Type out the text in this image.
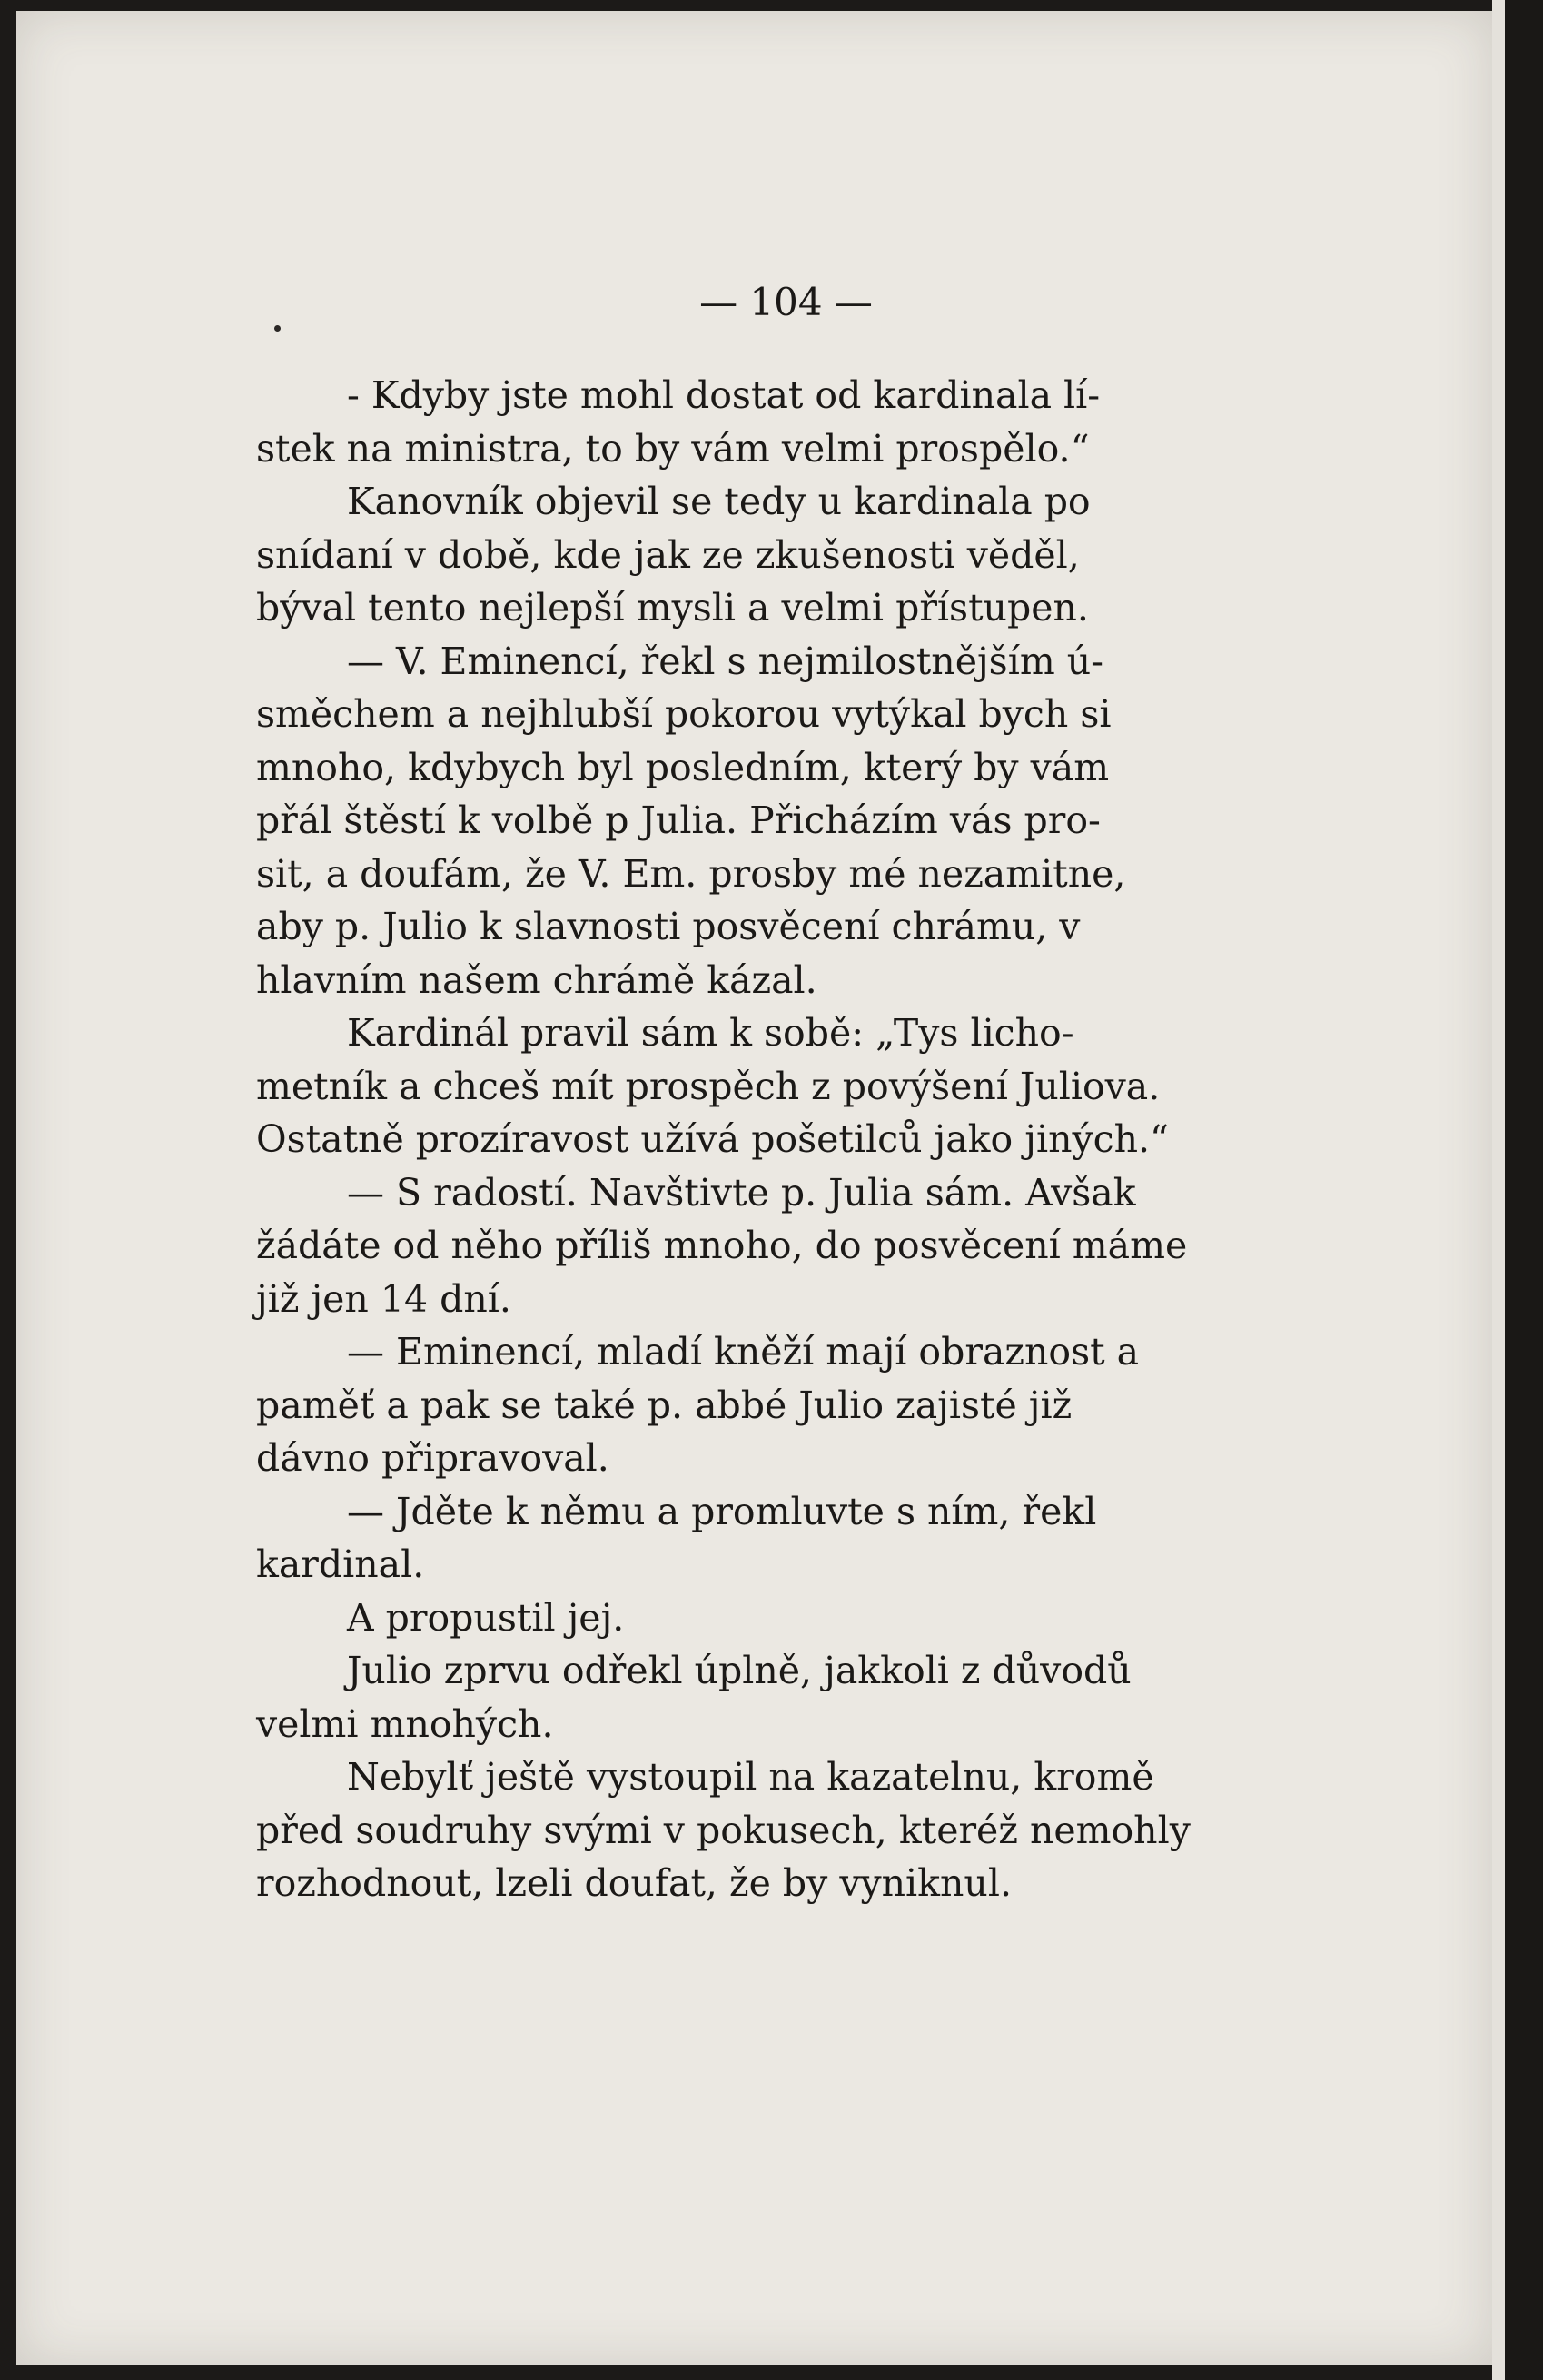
— 104 —
- Kdyby jste mohl dostat od kardinala lí-
stek na ministra, to by vám velmi prospělo.“
Kanovník objevil se tedy u kardinala po
snídaní v době, kde jak ze zkušenosti věděl,
býval tento nejlepší mysli a velmi přístupen.
— V. Eminencí, řekl s nejmilostnějším ú-
směchem a nejhlubší pokorou vytýkal bych si
mnoho, kdybych byl posledním, který by vám
přál štěstí k volbě p Julia. Přicházím vás pro-
sit, a doufám, že V. Em. prosby mé nezamitne,
aby p. Julio k slavnosti posvěcení chrámu, v
hlavním našem chrámě kázal.
Kardinál pravil sám k sobě: „Tys licho-
metník a chceš mít prospěch z povýšení Juliova.
Ostatně prozíravost užívá pošetilců jako jiných.“
— S radostí. Navštivte p. Julia sám. Avšak
žádáte od něho příliš mnoho, do posvěcení máme
již jen 14 dní.
— Eminencí, mladí kněží mají obraznost a
paměť a pak se také p. abbé Julio zajisté již
dávno připravoval.
— Jděte k němu a promluvte s ním, řekl
kardinal.
A propustil jej.
Julio zprvu odřekl úplně, jakkoli z důvodů
velmi mnohých.
Nebylť ještě vystoupil na kazatelnu, kromě
před soudruhy svými v pokusech, kteréž nemohly
rozhodnout, lzeli doufat, že by vyniknul.
